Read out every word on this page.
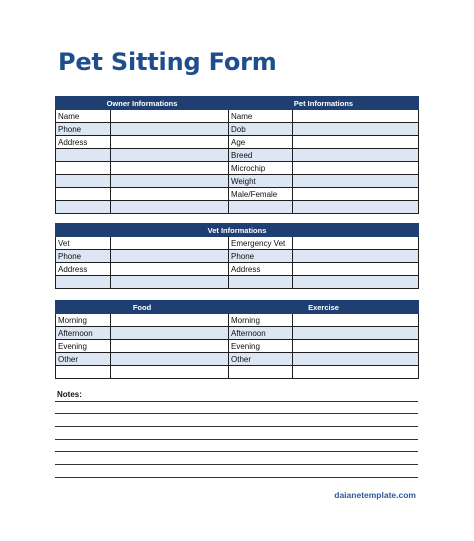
Pet Sitting Form
Owner Informations		Pet Informations	
Name		Name	
Phone		Dob	
Address		Age	
		Breed	
		Microchip	
		Weight	
		Male/Female	

Vet Informations			
Vet		Emergency Vet	
Phone		Phone	
Address		Address	

Food		Exercise	
Morning		Morning	
Afternoon		Afternoon	
Evening		Evening	
Other		Other	

Notes:
daianetemplate.com
